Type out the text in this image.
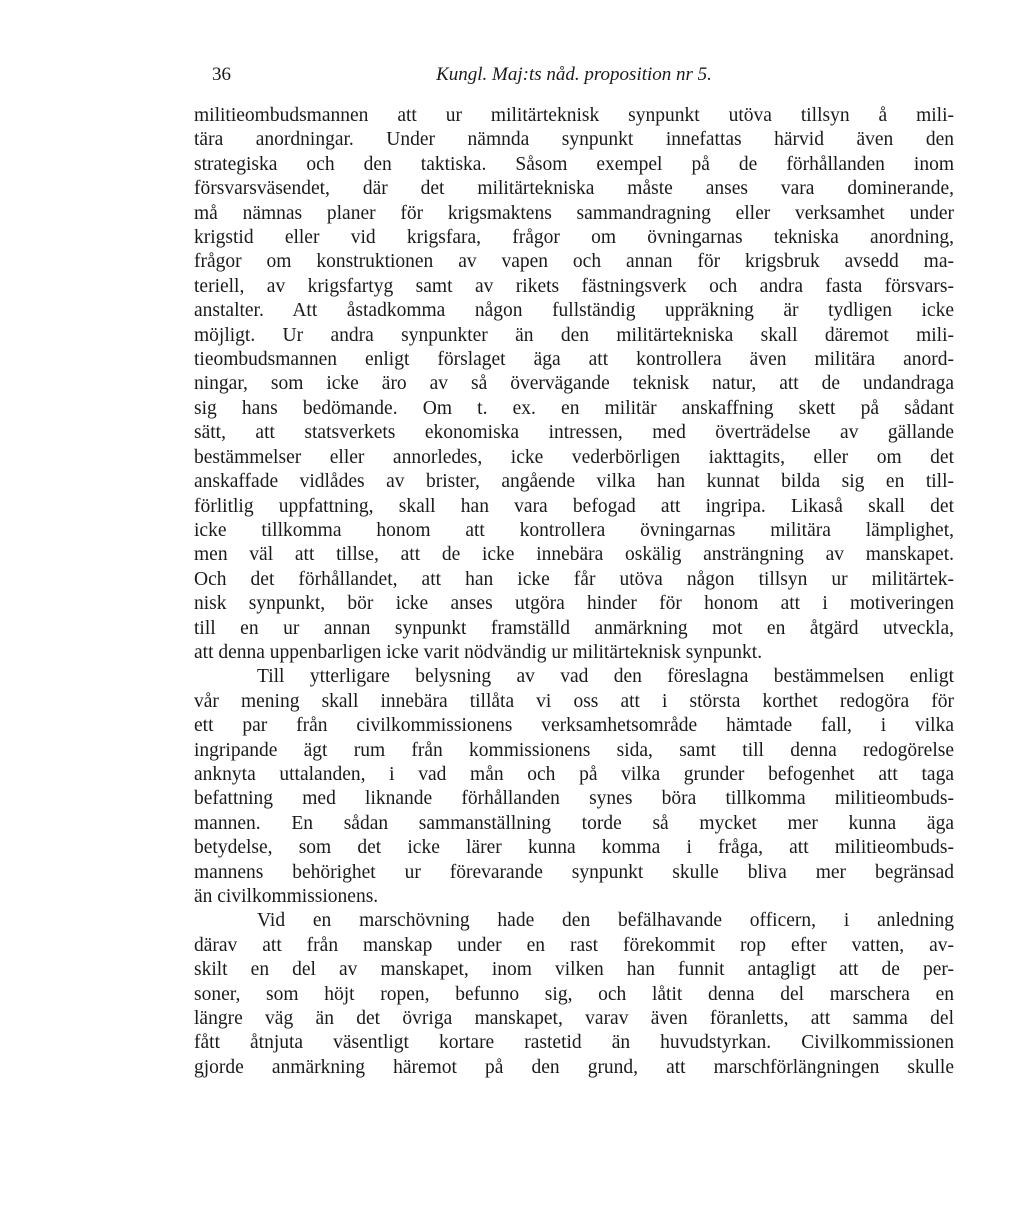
36	Kungl. Maj:ts nåd. proposition nr 5.
militieombudsmannen att ur militärteknisk synpunkt utöva tillsyn å mili-
tära anordningar. Under nämnda synpunkt innefattas härvid även den
strategiska och den taktiska. Såsom exempel på de förhållanden inom
försvarsväsendet, där det militärtekniska måste anses vara dominerande,
må nämnas planer för krigsmaktens sammandragning eller verksamhet under
krigstid eller vid krigsfara, frågor om övningarnas tekniska anordning,
frågor om konstruktionen av vapen och annan för krigsbruk avsedd ma-
teriell, av krigsfartyg samt av rikets fästningsverk och andra fasta försvars-
anstalter. Att åstadkomma någon fullständig uppräkning är tydligen icke
möjligt. Ur andra synpunkter än den militärtekniska skall däremot mili-
tieombudsmannen enligt förslaget äga att kontrollera även militära anord-
ningar, som icke äro av så övervägande teknisk natur, att de undandraga
sig hans bedömande. Om t. ex. en militär anskaffning skett på sådant
sätt, att statsverkets ekonomiska intressen, med överträdelse av gällande
bestämmelser eller annorledes, icke vederbörligen iakttagits, eller om det
anskaffade vidlådes av brister, angående vilka han kunnat bilda sig en till-
förlitlig uppfattning, skall han vara befogad att ingripa. Likaså skall det
icke tillkomma honom att kontrollera övningarnas militära lämplighet,
men väl att tillse, att de icke innebära oskälig ansträngning av manskapet.
Och det förhållandet, att han icke får utöva någon tillsyn ur militärtek-
nisk synpunkt, bör icke anses utgöra hinder för honom att i motiveringen
till en ur annan synpunkt framställd anmärkning mot en åtgärd utveckla,
att denna uppenbarligen icke varit nödvändig ur militärteknisk synpunkt.
Till ytterligare belysning av vad den föreslagna bestämmelsen enligt
vår mening skall innebära tillåta vi oss att i största korthet redogöra för
ett par från civilkommissionens verksamhetsområde hämtade fall, i vilka
ingripande ägt rum från kommissionens sida, samt till denna redogörelse
anknyta uttalanden, i vad mån och på vilka grunder befogenhet att taga
befattning med liknande förhållanden synes böra tillkomma militieombuds-
mannen. En sådan sammanställning torde så mycket mer kunna äga
betydelse, som det icke lärer kunna komma i fråga, att militieombuds-
mannens behörighet ur förevarande synpunkt skulle bliva mer begränsad
än civilkommissionens.
Vid en marschövning hade den befälhavande officern, i anledning
därav att från manskap under en rast förekommit rop efter vatten, av-
skilt en del av manskapet, inom vilken han funnit antagligt att de per-
soner, som höjt ropen, befunno sig, och låtit denna del marschera en
längre väg än det övriga manskapet, varav även föranletts, att samma del
fått åtnjuta väsentligt kortare rastetid än huvudstyrkan. Civilkommissionen
gjorde anmärkning häremot på den grund, att marschförlängningen skulle
